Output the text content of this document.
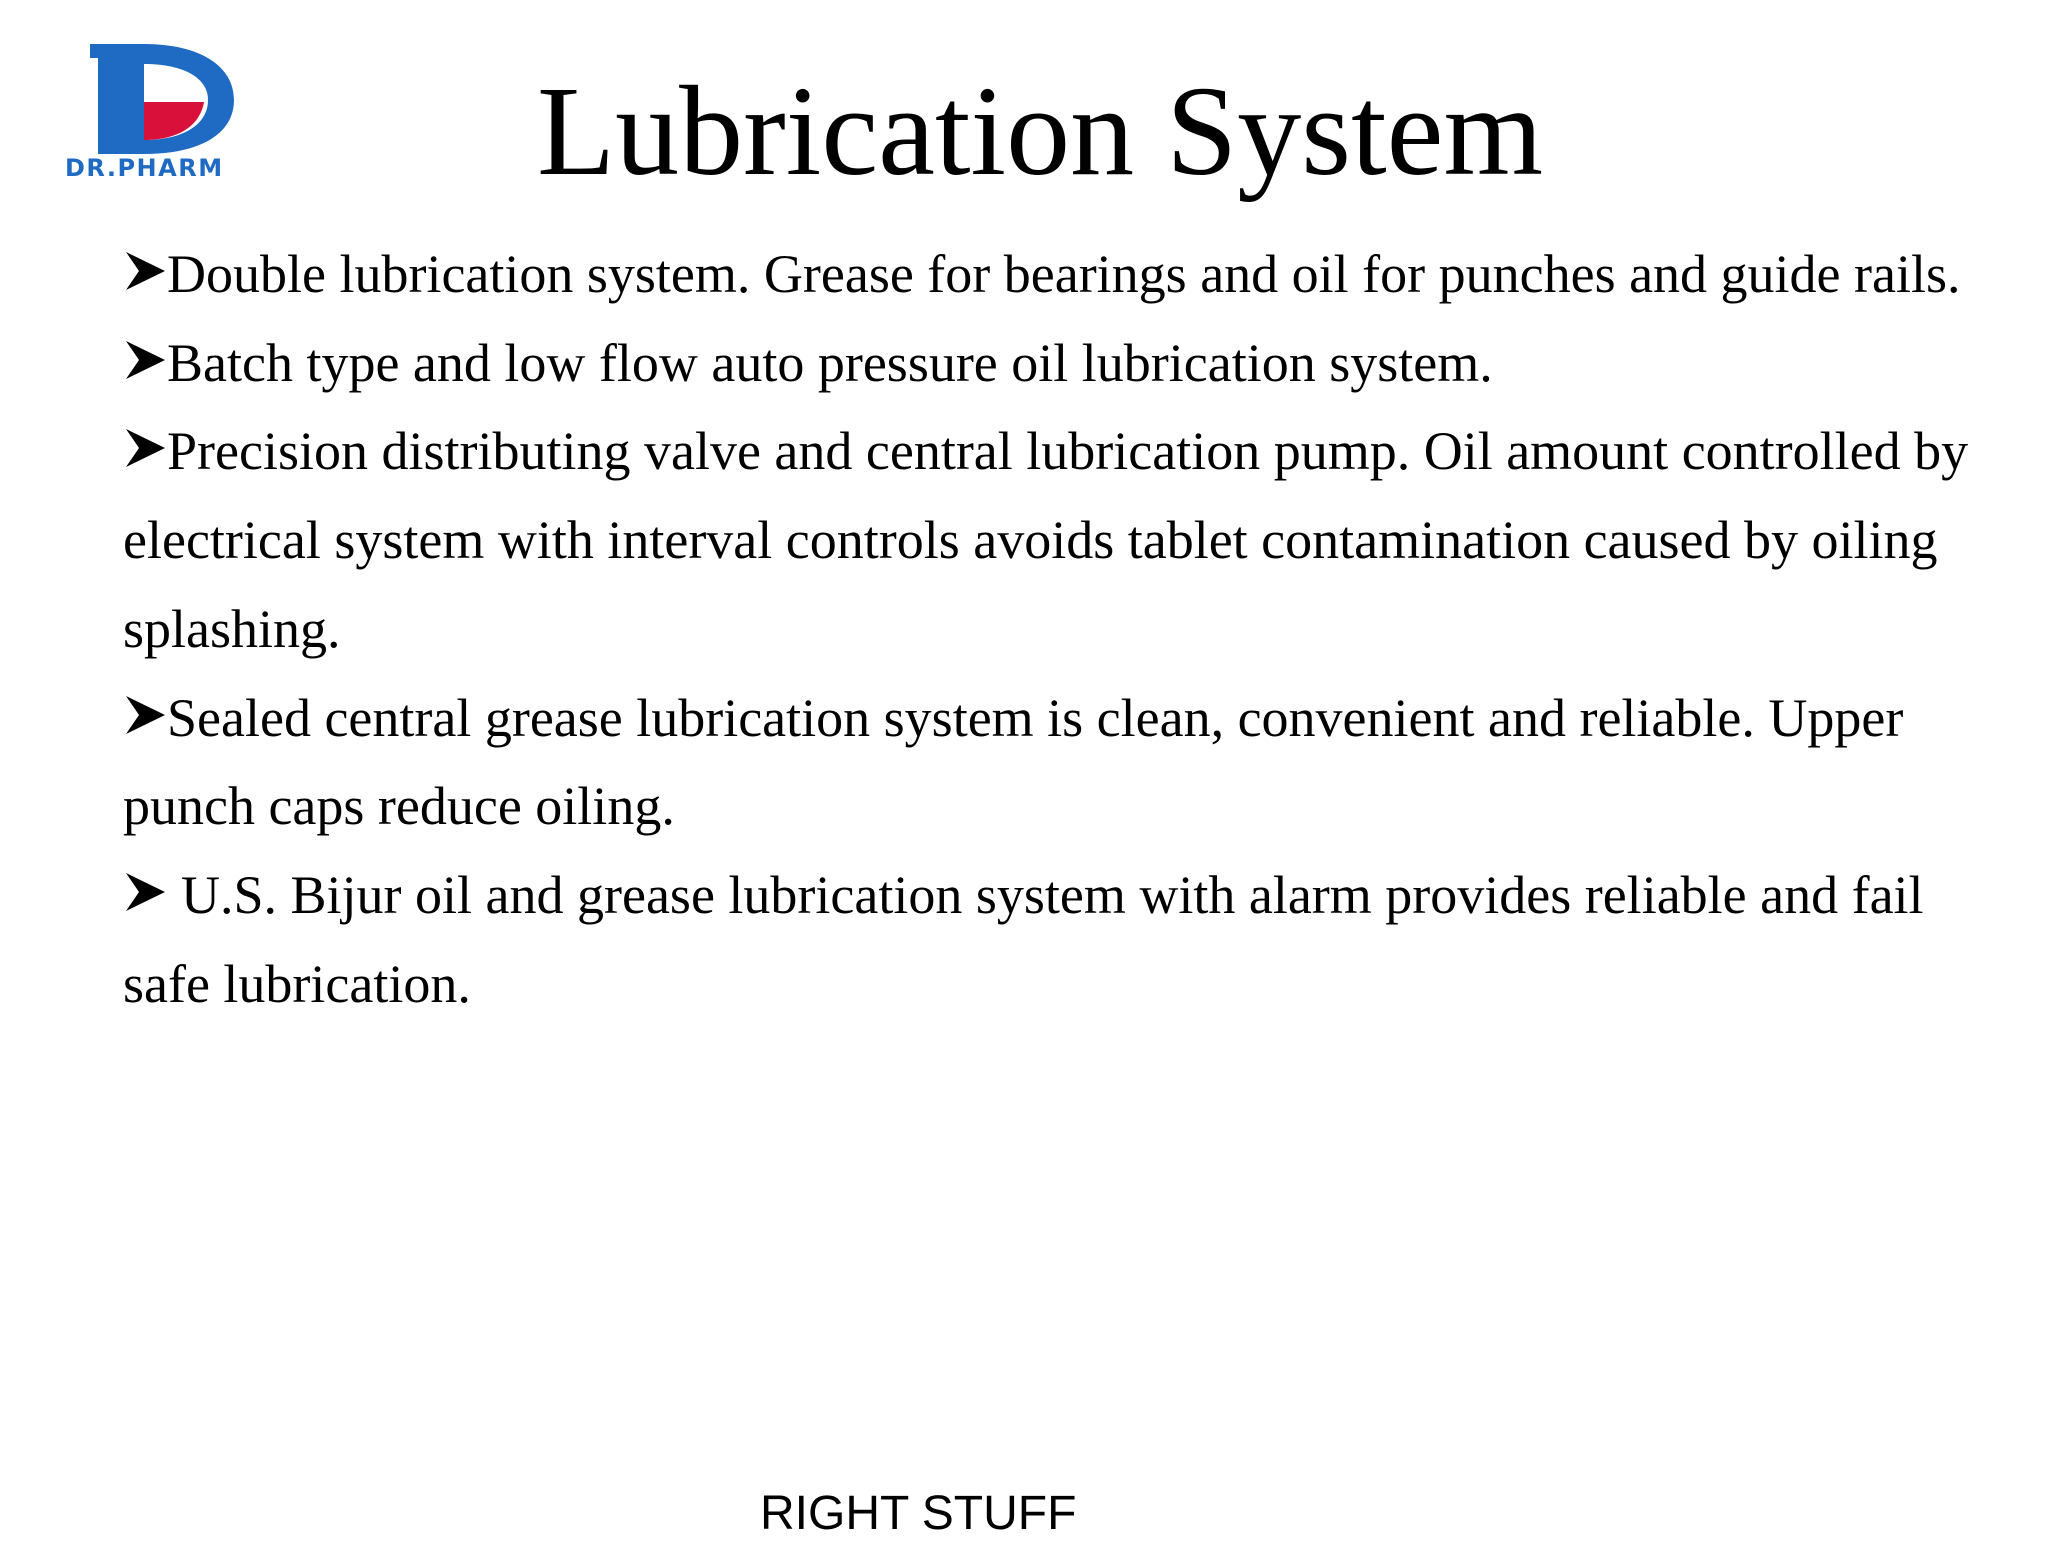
DR.PHARM	Lubrication System
Double lubrication system. Grease for bearings and oil for punches and guide rails.
Batch type and low flow auto pressure oil lubrication system.
Precision distributing valve and central lubrication pump. Oil amount controlled by electrical system with interval controls avoids tablet contamination caused by oiling splashing.
Sealed central grease lubrication system is clean, convenient and reliable. Upper punch caps reduce oiling.
U.S. Bijur oil and grease lubrication system with alarm provides reliable and fail safe lubrication.
RIGHT STUFF
